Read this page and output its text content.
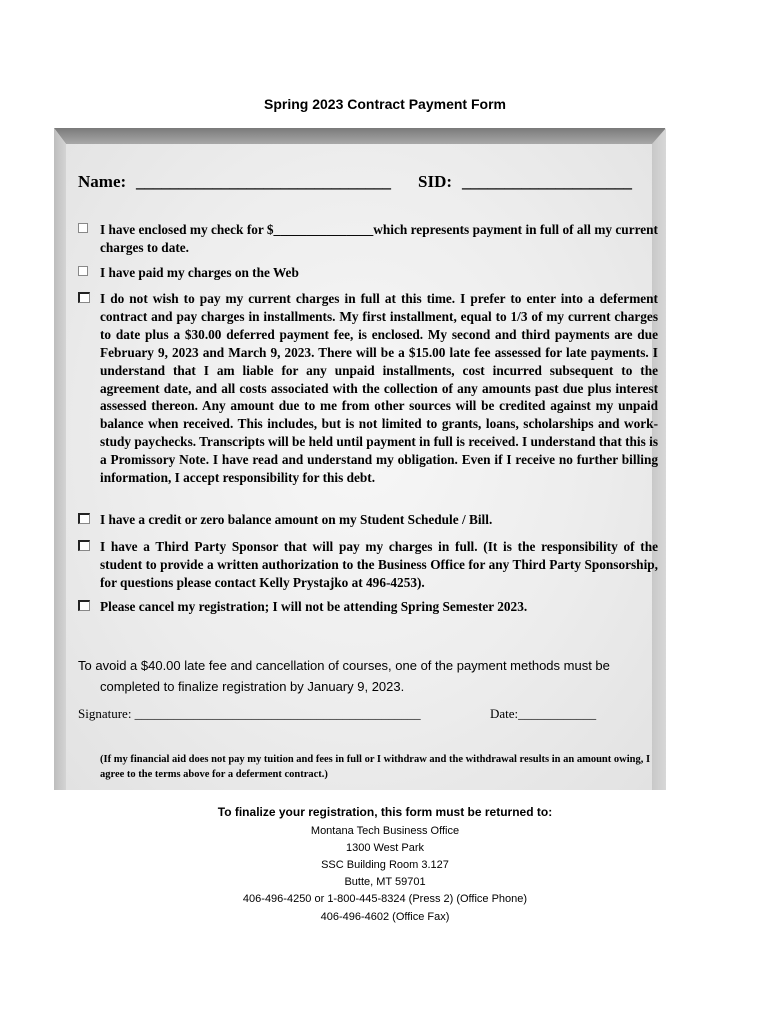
Spring 2023 Contract Payment Form
Name: ______________________________ SID: ____________________
I have enclosed my check for $_______________which represents payment in full of all my current charges to date.
I have paid my charges on the Web
I do not wish to pay my current charges in full at this time. I prefer to enter into a deferment contract and pay charges in installments. My first installment, equal to 1/3 of my current charges to date plus a $30.00 deferred payment fee, is enclosed. My second and third payments are due February 9, 2023 and March 9, 2023. There will be a $15.00 late fee assessed for late payments. I understand that I am liable for any unpaid installments, cost incurred subsequent to the agreement date, and all costs associated with the collection of any amounts past due plus interest assessed thereon. Any amount due to me from other sources will be credited against my unpaid balance when received. This includes, but is not limited to grants, loans, scholarships and work-study paychecks. Transcripts will be held until payment in full is received. I understand that this is a Promissory Note. I have read and understand my obligation. Even if I receive no further billing information, I accept responsibility for this debt.
I have a credit or zero balance amount on my Student Schedule / Bill.
I have a Third Party Sponsor that will pay my charges in full. (It is the responsibility of the student to provide a written authorization to the Business Office for any Third Party Sponsorship, for questions please contact Kelly Prystajko at 496-4253).
Please cancel my registration; I will not be attending Spring Semester 2023.
To avoid a $40.00 late fee and cancellation of courses, one of the payment methods must be
completed to finalize registration by January 9, 2023.
Signature: ____________________________________________	Date:____________
(If my financial aid does not pay my tuition and fees in full or I withdraw and the withdrawal results in an amount owing, I agree to the terms above for a deferment contract.)
To finalize your registration, this form must be returned to:
Montana Tech Business Office
1300 West Park
SSC Building Room 3.127
Butte, MT 59701
406-496-4250 or 1-800-445-8324 (Press 2) (Office Phone)
406-496-4602 (Office Fax)
